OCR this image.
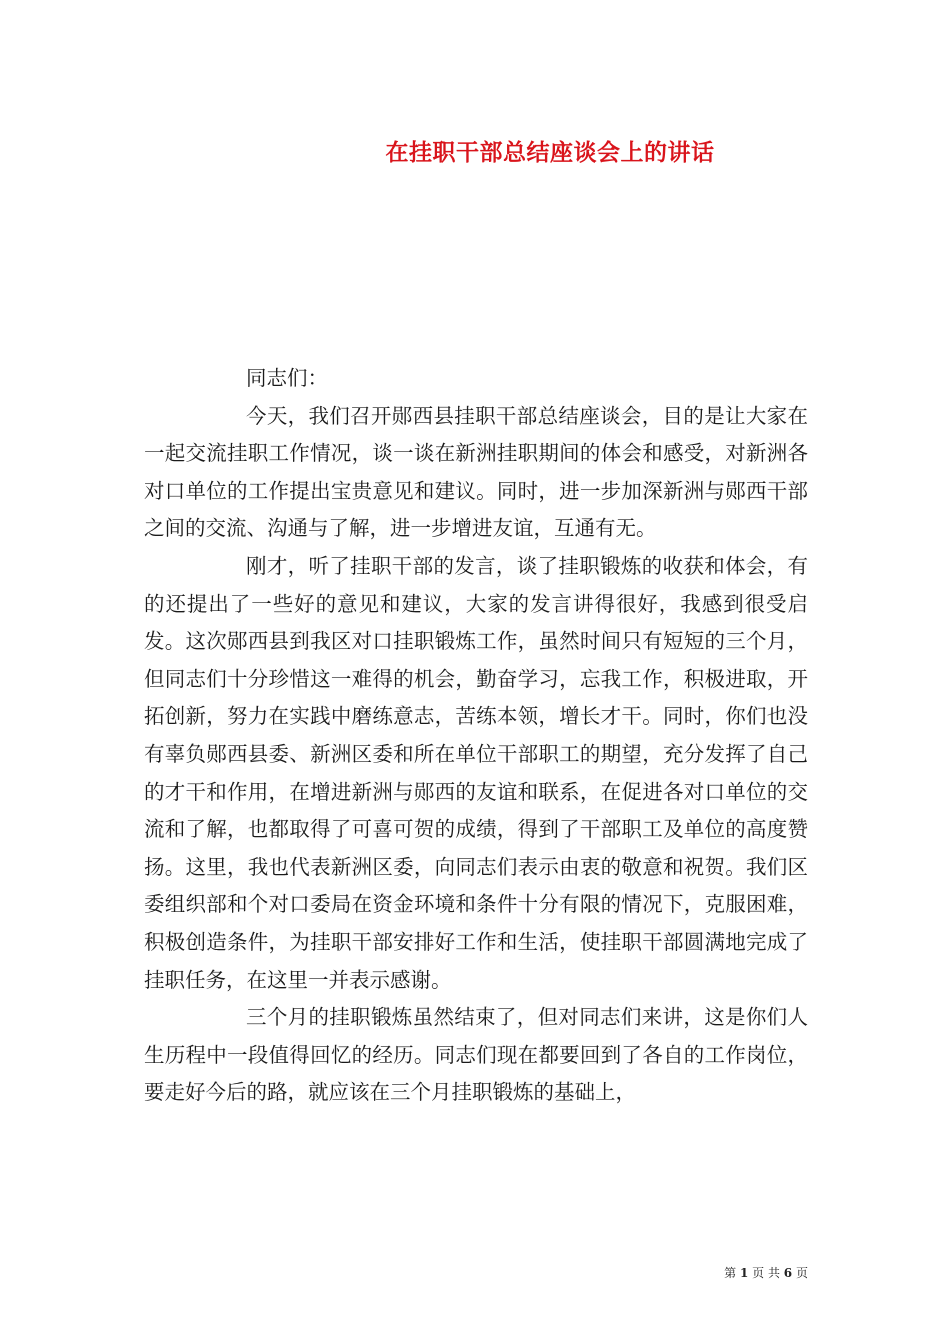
在挂职干部总结座谈会上的讲话

同志们：

今天，我们召开郧西县挂职干部总结座谈会，目的是让大家在一起交流挂职工作情况，谈一谈在新洲挂职期间的体会和感受，对新洲各对口单位的工作提出宝贵意见和建议。同时，进一步加深新洲与郧西干部之间的交流、沟通与了解，进一步增进友谊，互通有无。

刚才，听了挂职干部的发言，谈了挂职锻炼的收获和体会，有的还提出了一些好的意见和建议，大家的发言讲得很好，我感到很受启发。这次郧西县到我区对口挂职锻炼工作，虽然时间只有短短的三个月，但同志们十分珍惜这一难得的机会，勤奋学习，忘我工作，积极进取，开拓创新，努力在实践中磨练意志，苦练本领，增长才干。同时，你们也没有辜负郧西县委、新洲区委和所在单位干部职工的期望，充分发挥了自己的才干和作用，在增进新洲与郧西的友谊和联系，在促进各对口单位的交流和了解，也都取得了可喜可贺的成绩，得到了干部职工及单位的高度赞扬。这里，我也代表新洲区委，向同志们表示由衷的敬意和祝贺。我们区委组织部和个对口委局在资金环境和条件十分有限的情况下，克服困难，积极创造条件，为挂职干部安排好工作和生活，使挂职干部圆满地完成了挂职任务，在这里一并表示感谢。

三个月的挂职锻炼虽然结束了，但对同志们来讲，这是你们人生历程中一段值得回忆的经历。同志们现在都要回到了各自的工作岗位，要走好今后的路，就应该在三个月挂职锻炼的基础上，

第 1 页 共 6 页
